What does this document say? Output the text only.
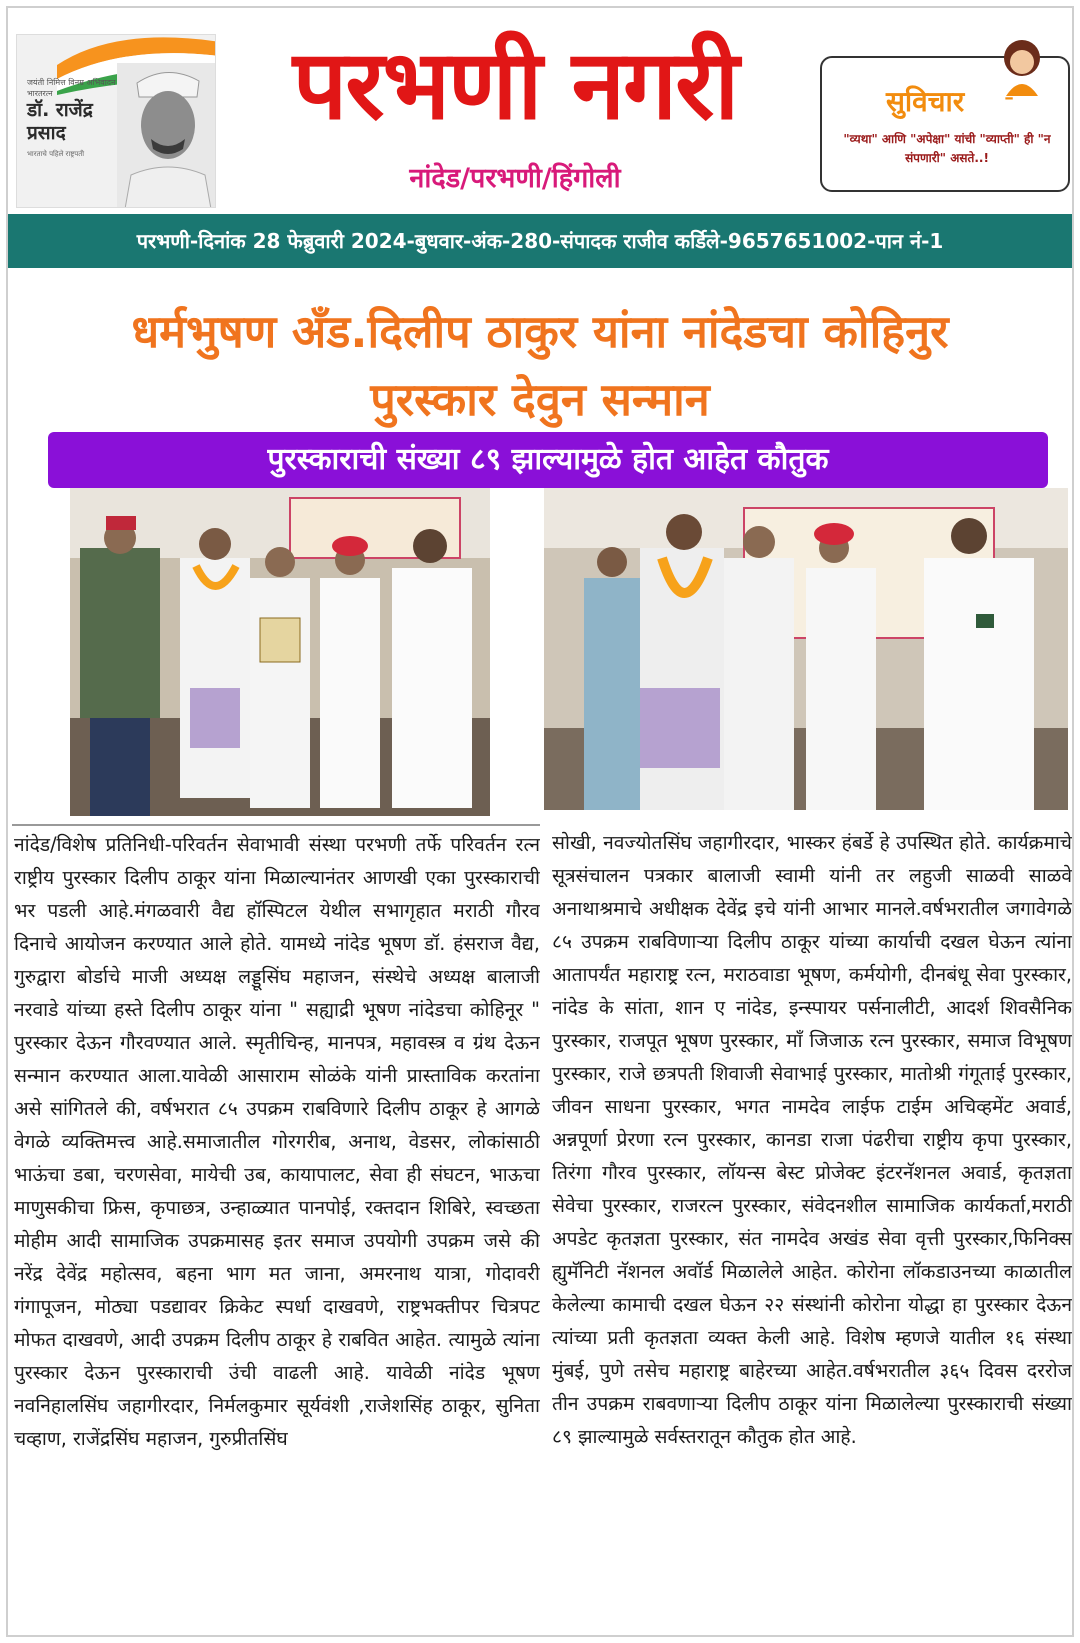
जयंती निमित्त विनम्र अभिवादन
भारतरत्न
डॉ. राजेंद्र
प्रसाद
भारताचे पहिले राष्ट्रपती
परभणी नगरी
नांदेड/परभणी/हिंगोली
सुविचार -
"व्यथा" आणि "अपेक्षा" यांची "व्याप्ती" ही "न संपणारी" असते..!
परभणी-दिनांक 28 फेब्रुवारी 2024-बुधवार-अंक-280-संपादक राजीव कर्डिले-9657651002-पान नं-1
धर्मभुषण अँड.दिलीप ठाकुर यांना नांदेडचा कोहिनुर
पुरस्कार देवुन सन्मान
पुरस्काराची संख्या ८९ झाल्यामुळे होत आहेत कौतुक
नांदेड/विशेष प्रतिनिधी-परिवर्तन सेवाभावी संस्था परभणी तर्फे परिवर्तन रत्न राष्ट्रीय पुरस्कार दिलीप ठाकूर यांना मिळाल्यानंतर आणखी एका पुरस्काराची भर पडली आहे.मंगळवारी वैद्य हॉस्पिटल येथील सभागृहात मराठी गौरव दिनाचे आयोजन करण्यात आले होते. यामध्ये नांदेड भूषण डॉ. हंसराज वैद्य, गुरुद्वारा बोर्डाचे माजी अध्यक्ष लड्डूसिंघ महाजन, संस्थेचे अध्यक्ष बालाजी नरवाडे यांच्या हस्ते दिलीप ठाकूर यांना " सह्याद्री भूषण नांदेडचा कोहिनूर " पुरस्कार देऊन गौरवण्यात आले. स्मृतीचिन्ह, मानपत्र, महावस्त्र व ग्रंथ देऊन सन्मान करण्यात आला.यावेळी आसाराम सोळंके यांनी प्रास्ताविक करतांना असे सांगितले की, वर्षभरात ८५ उपक्रम राबविणारे दिलीप ठाकूर हे आगळे वेगळे व्यक्तिमत्त्व आहे.समाजातील गोरगरीब, अनाथ, वेडसर, लोकांसाठी भाऊंचा डबा, चरणसेवा, मायेची उब, कायापालट, सेवा ही संघटन, भाऊचा माणुसकीचा फ्रिस, कृपाछत्र, उन्हाळ्यात पानपोई, रक्तदान शिबिरे, स्वच्छता मोहीम आदी सामाजिक उपक्रमासह इतर समाज उपयोगी उपक्रम जसे की नरेंद्र देवेंद्र महोत्सव, बहना भाग मत जाना, अमरनाथ यात्रा, गोदावरी गंगापूजन, मोठ्या पडद्यावर क्रिकेट स्पर्धा दाखवणे, राष्ट्रभक्तीपर चित्रपट मोफत दाखवणे, आदी उपक्रम दिलीप ठाकूर हे राबवित आहेत. त्यामुळे त्यांना पुरस्कार देऊन पुरस्काराची उंची वाढली आहे. यावेळी नांदेड भूषण नवनिहालसिंघ जहागीरदार, निर्मलकुमार सूर्यवंशी ,राजेशसिंह ठाकूर, सुनिता चव्हाण, राजेंद्रसिंघ महाजन, गुरुप्रीतसिंघ
सोखी, नवज्योतसिंघ जहागीरदार, भास्कर हंबर्डे हे उपस्थित होते. कार्यक्रमाचे सूत्रसंचालन पत्रकार बालाजी स्वामी यांनी तर लहुजी साळवी साळवे अनाथाश्रमाचे अधीक्षक देवेंद्र इचे यांनी आभार मानले.वर्षभरातील जगावेगळे ८५ उपक्रम राबविणाऱ्या दिलीप ठाकूर यांच्या कार्याची दखल घेऊन त्यांना आतापर्यंत महाराष्ट्र रत्न, मराठवाडा भूषण, कर्मयोगी, दीनबंधू सेवा पुरस्कार, नांदेड के सांता, शान ए नांदेड, इन्स्पायर पर्सनालीटी, आदर्श शिवसैनिक पुरस्कार, राजपूत भूषण पुरस्कार, माँ जिजाऊ रत्न पुरस्कार, समाज विभूषण पुरस्कार, राजे छत्रपती शिवाजी सेवाभाई पुरस्कार, मातोश्री गंगूताई पुरस्कार, जीवन साधना पुरस्कार, भगत नामदेव लाईफ टाईम अचिव्हमेंट अवार्ड, अन्नपूर्णा प्रेरणा रत्न पुरस्कार, कानडा राजा पंढरीचा राष्ट्रीय कृपा पुरस्कार, तिरंगा गौरव पुरस्कार, लॉयन्स बेस्ट प्रोजेक्ट इंटरनॅशनल अवार्ड, कृतज्ञता सेवेचा पुरस्कार, राजरत्न पुरस्कार, संवेदनशील सामाजिक कार्यकर्ता,मराठी अपडेट कृतज्ञता पुरस्कार, संत नामदेव अखंड सेवा वृत्ती पुरस्कार,फिनिक्स ह्युमॅनिटी नॅशनल अवॉर्ड मिळालेले आहेत. कोरोना लॉकडाउनच्या काळातील केलेल्या कामाची दखल घेऊन २२ संस्थांनी कोरोना योद्धा हा पुरस्कार देऊन त्यांच्या प्रती कृतज्ञता व्यक्त केली आहे. विशेष म्हणजे यातील १६ संस्था मुंबई, पुणे तसेच महाराष्ट्र बाहेरच्या आहेत.वर्षभरातील ३६५ दिवस दररोज तीन उपक्रम राबवणाऱ्या दिलीप ठाकूर यांना मिळालेल्या पुरस्काराची संख्या ८९ झाल्यामुळे सर्वस्तरातून कौतुक होत आहे.
